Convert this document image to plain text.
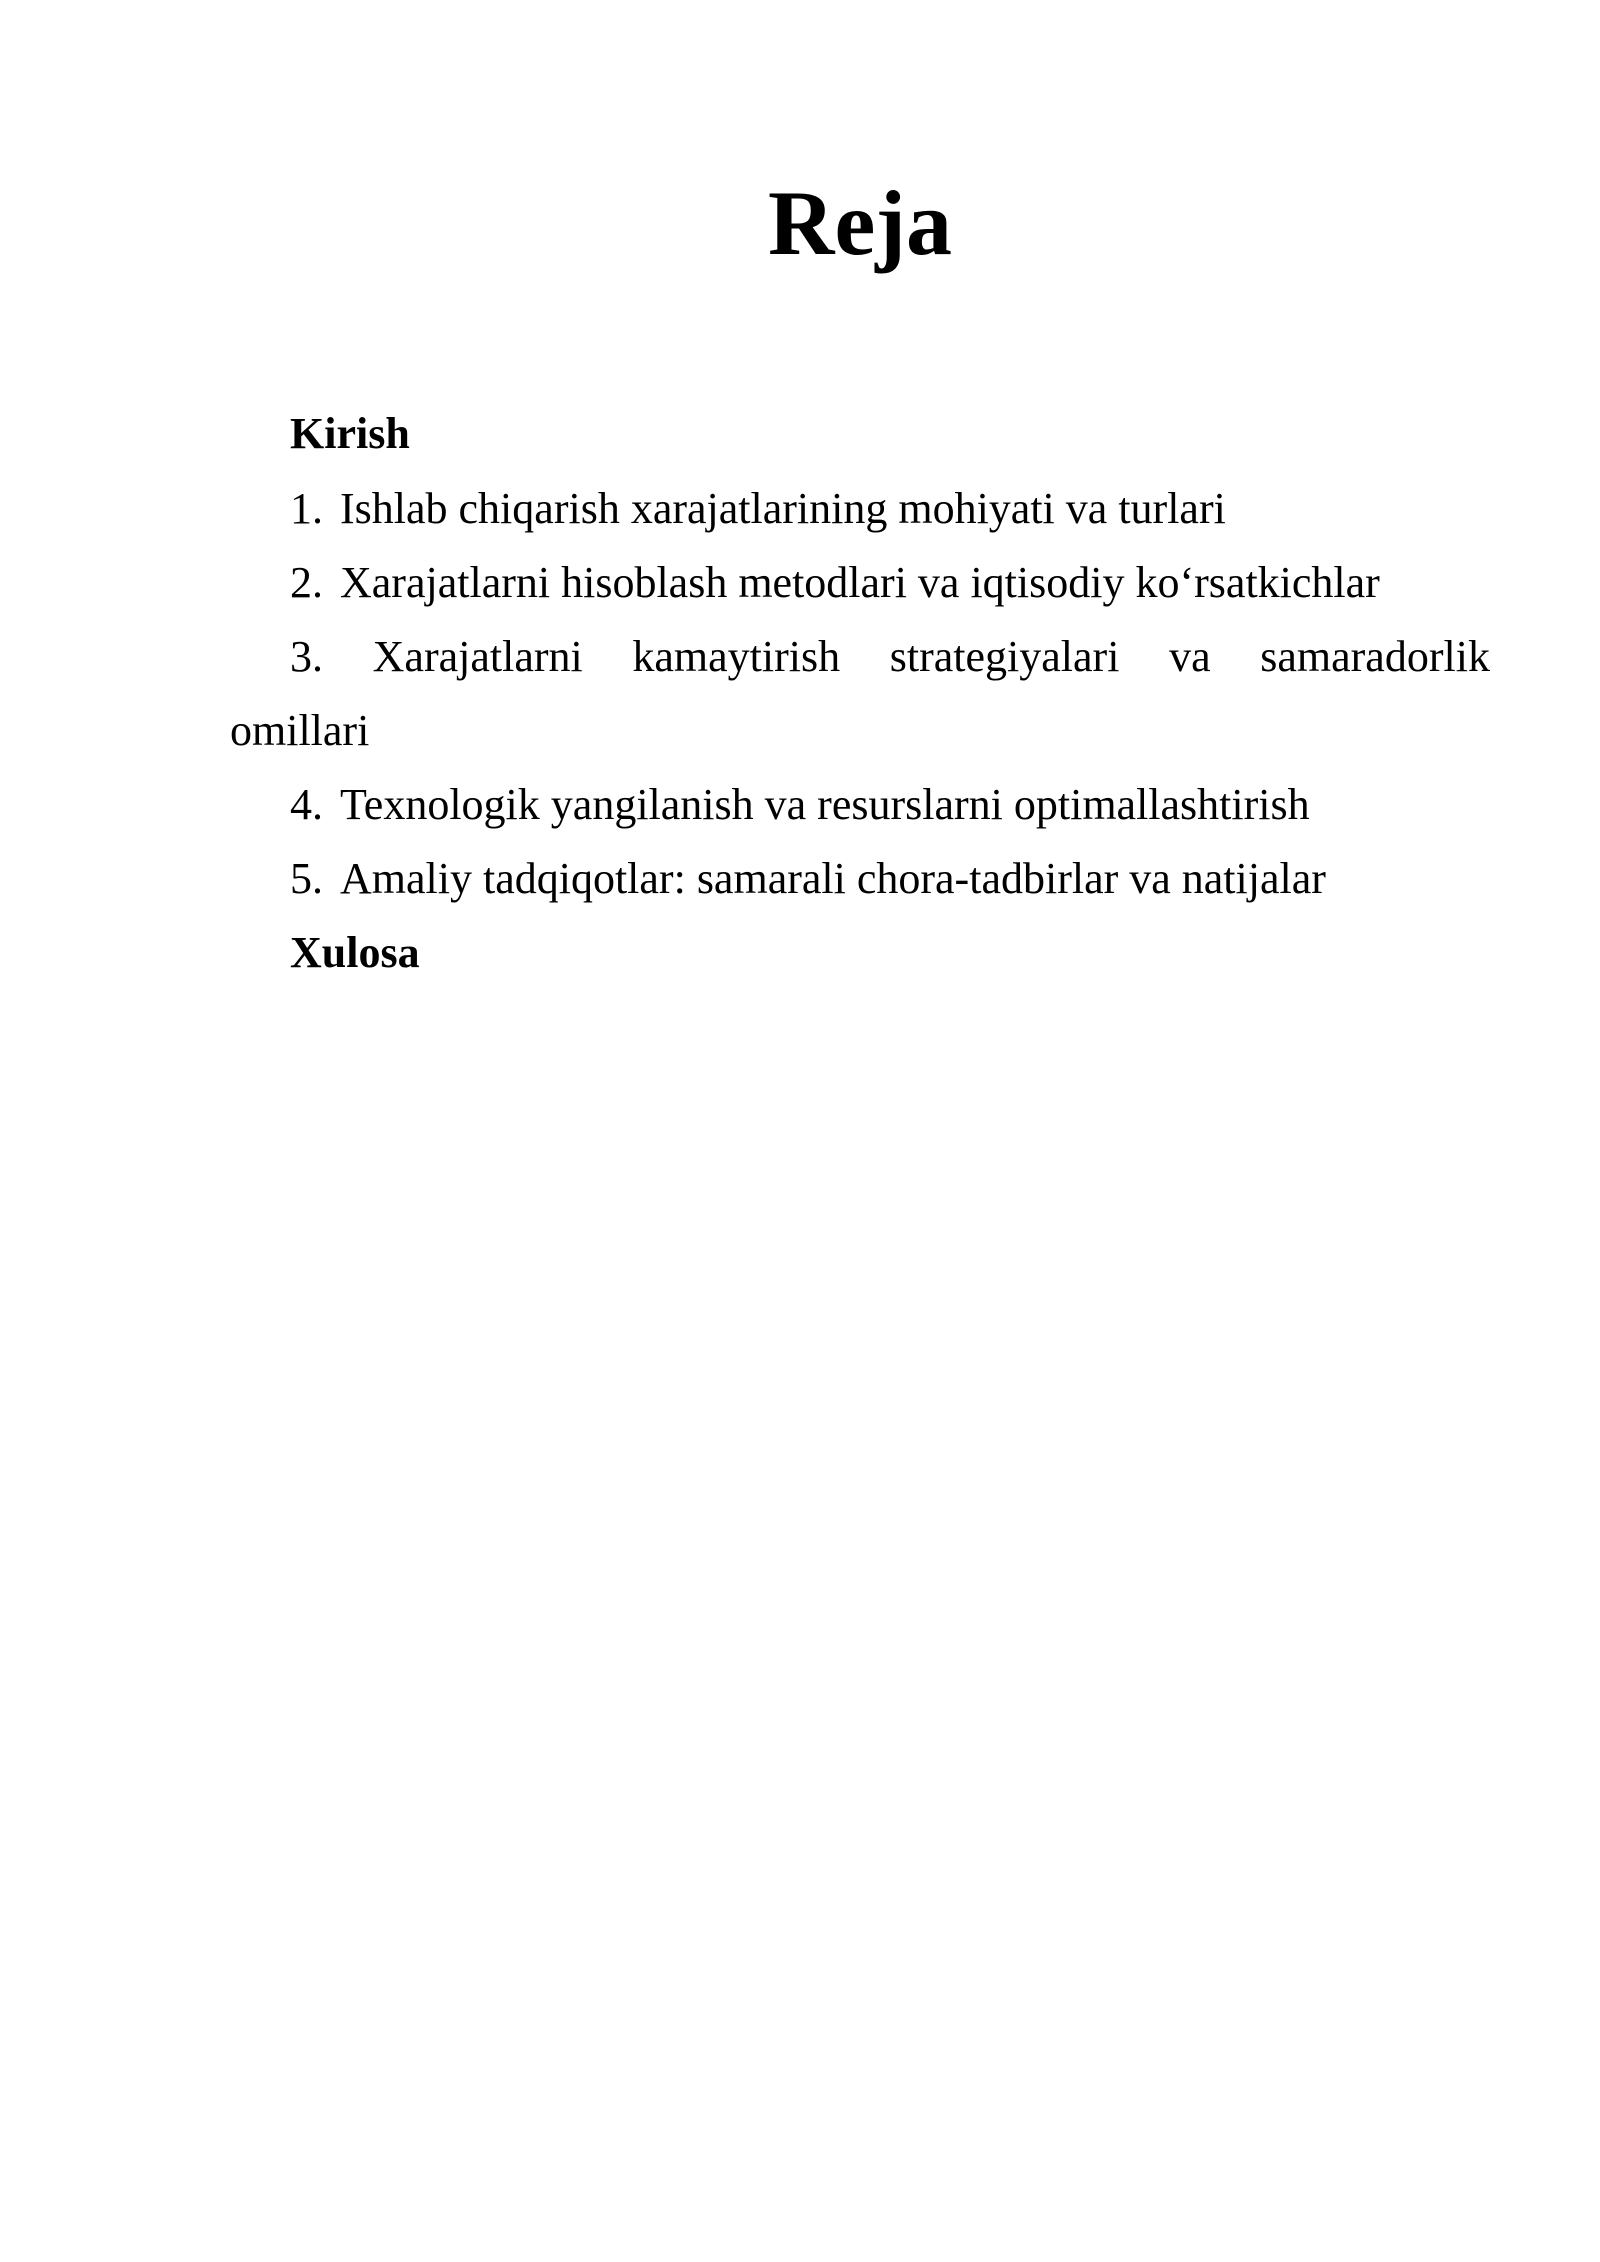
Reja

Kirish

1. Ishlab chiqarish xarajatlarining mohiyati va turlari

2. Xarajatlarni hisoblash metodlari va iqtisodiy ko‘rsatkichlar

3. Xarajatlarni kamaytirish strategiyalari va samaradorlik

omillari

4. Texnologik yangilanish va resurslarni optimallashtirish

5. Amaliy tadqiqotlar: samarali chora-tadbirlar va natijalar

Xulosa
